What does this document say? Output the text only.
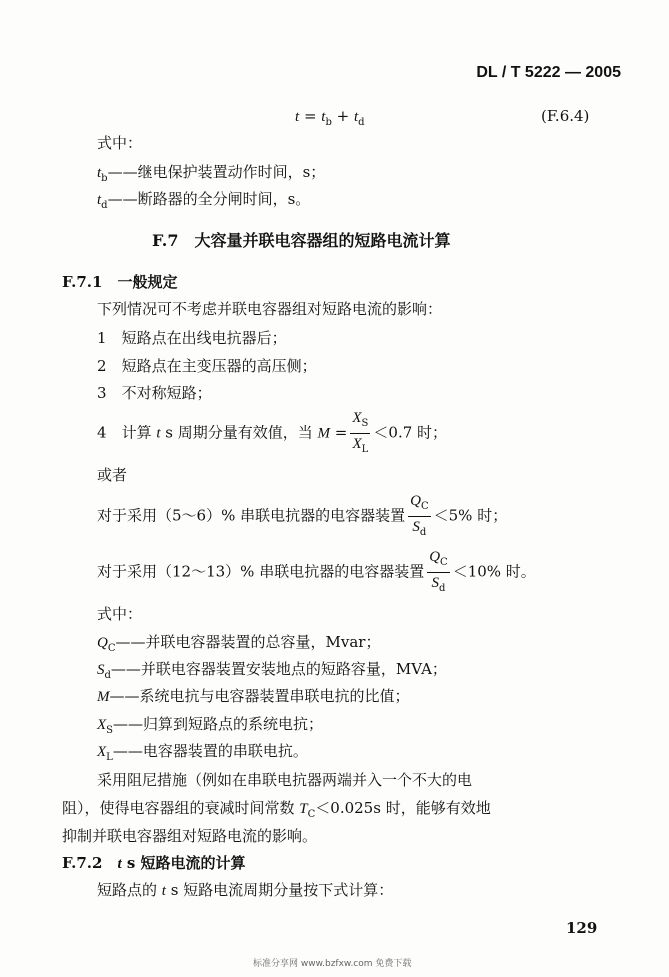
DL / T 5222 — 2005
$t = t_b + t_d$	(F.6.4)
式中：
$t_b——$继电保护装置动作时间，s；
$t_d——$断路器的全分闸时间，s。
F.7　大容量并联电容器组的短路电流计算
F.7.1　一般规定
下列情况可不考虑并联电容器组对短路电流的影响：
1　 短路点在出线电抗器后；
2　 短路点在主变压器的高压侧；
3　 不对称短路；
4　 计算 t s 周期分量有效值，当 $M = \frac{X_S}{X_L} <0.7$ 时；
或者
对于采用（5～6）% 串联电抗器的电容器装置 $\frac{Q_C}{S_d} <5\%$ 时；
对于采用（12～13）% 串联电抗器的电容器装置 $\frac{Q_C}{S_d} <10\%$ 时。
式中：
$Q_C——$并联电容器装置的总容量，Mvar；
$S_d——$并联电容器装置安装地点的短路容量，MVA；
M——系统电抗与电容器装置串联电抗的比值；
$X_S——$归算到短路点的系统电抗；
$X_L——$电容器装置的串联电抗。
采用阻尼措施（例如在串联电抗器两端并入一个不大的电
阻），使得电容器组的衰减时间常数 $T_C<0.025s$ 时，能够有效地
抑制并联电容器组对短路电流的影响。
F.7.2　t s 短路电流的计算
短路点的 t s 短路电流周期分量按下式计算：
129
标准分享网 www.bzfxw.com 免费下载
